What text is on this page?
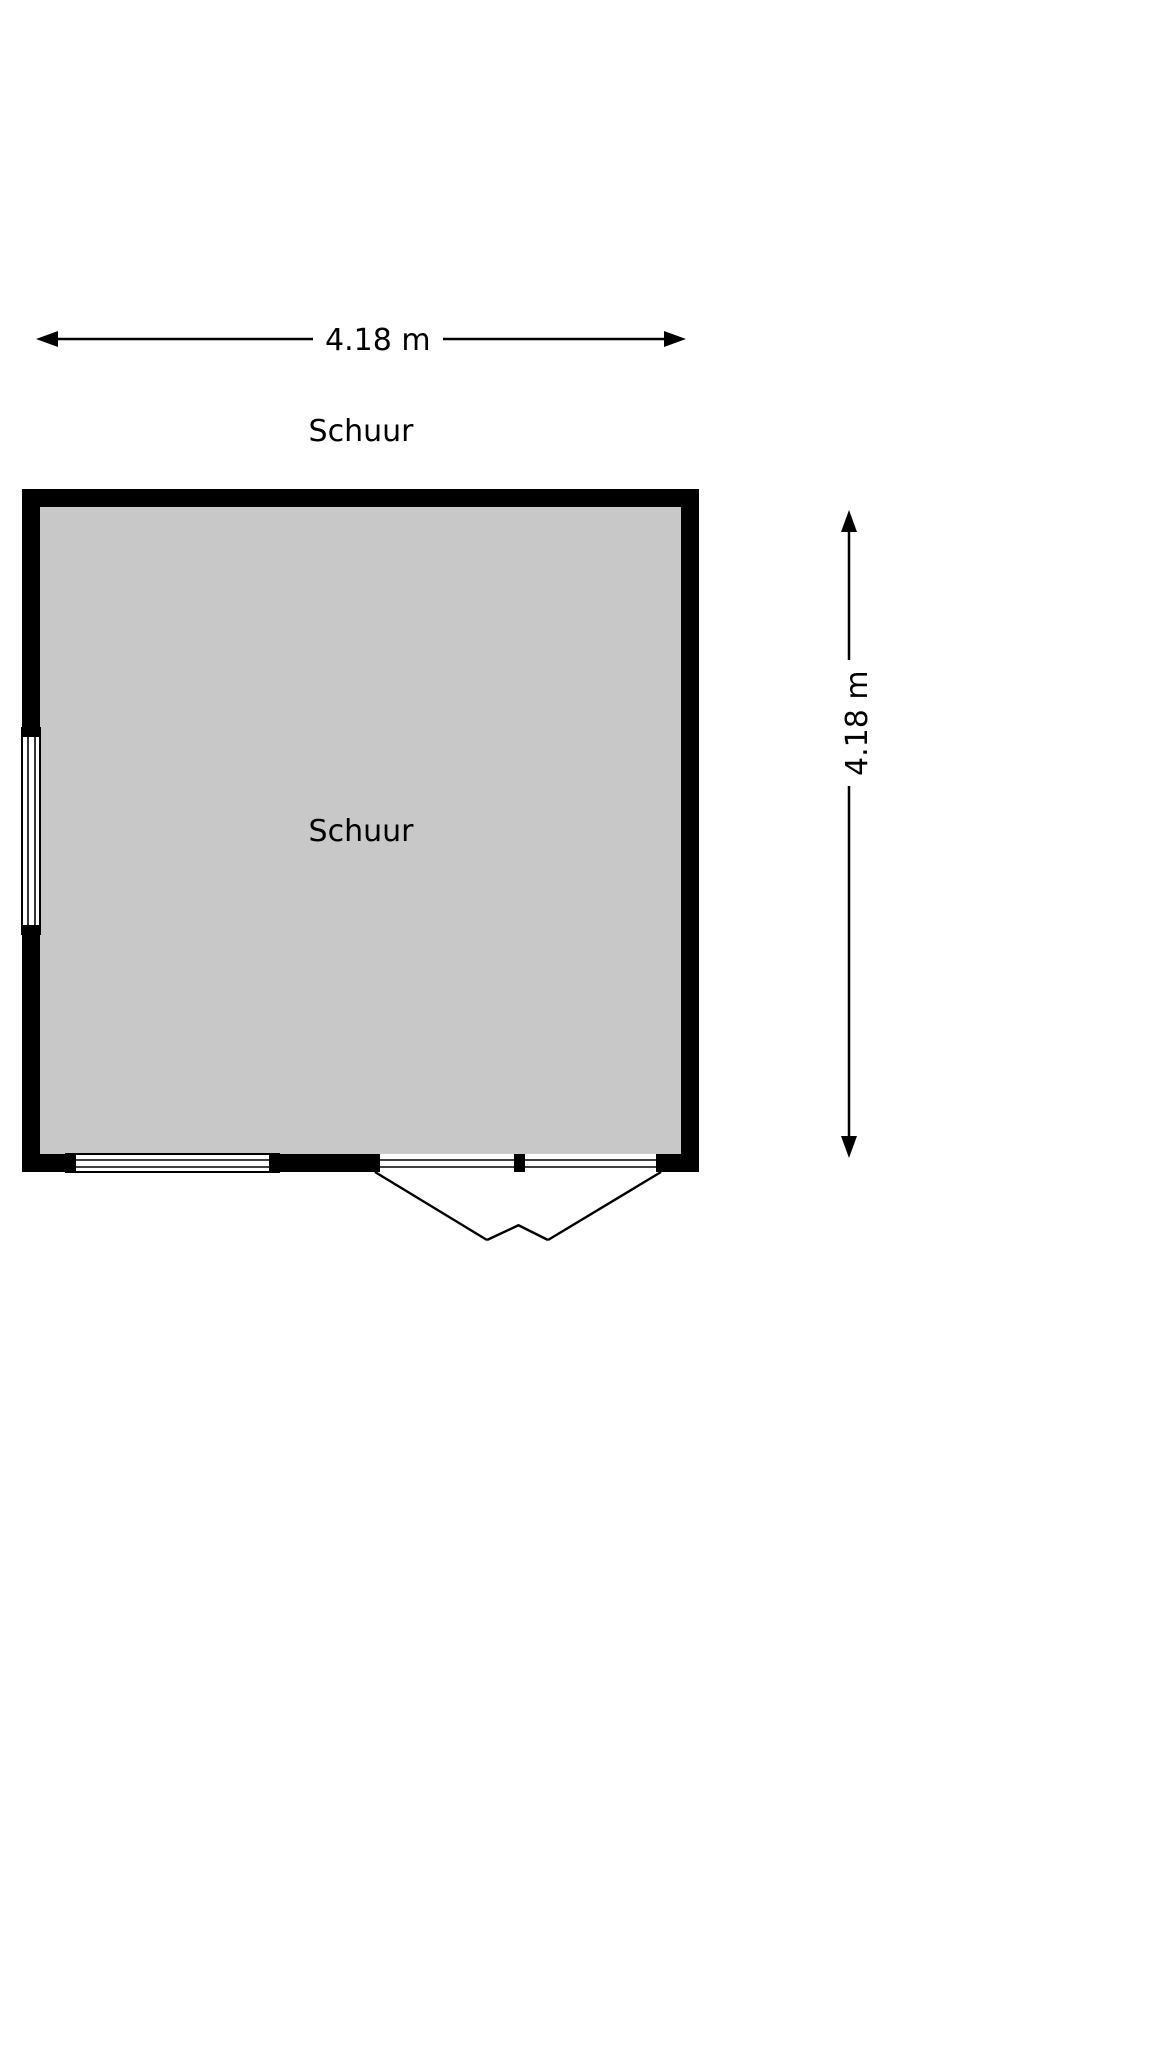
4.18 m
4.18 m
Schuur
Schuur
